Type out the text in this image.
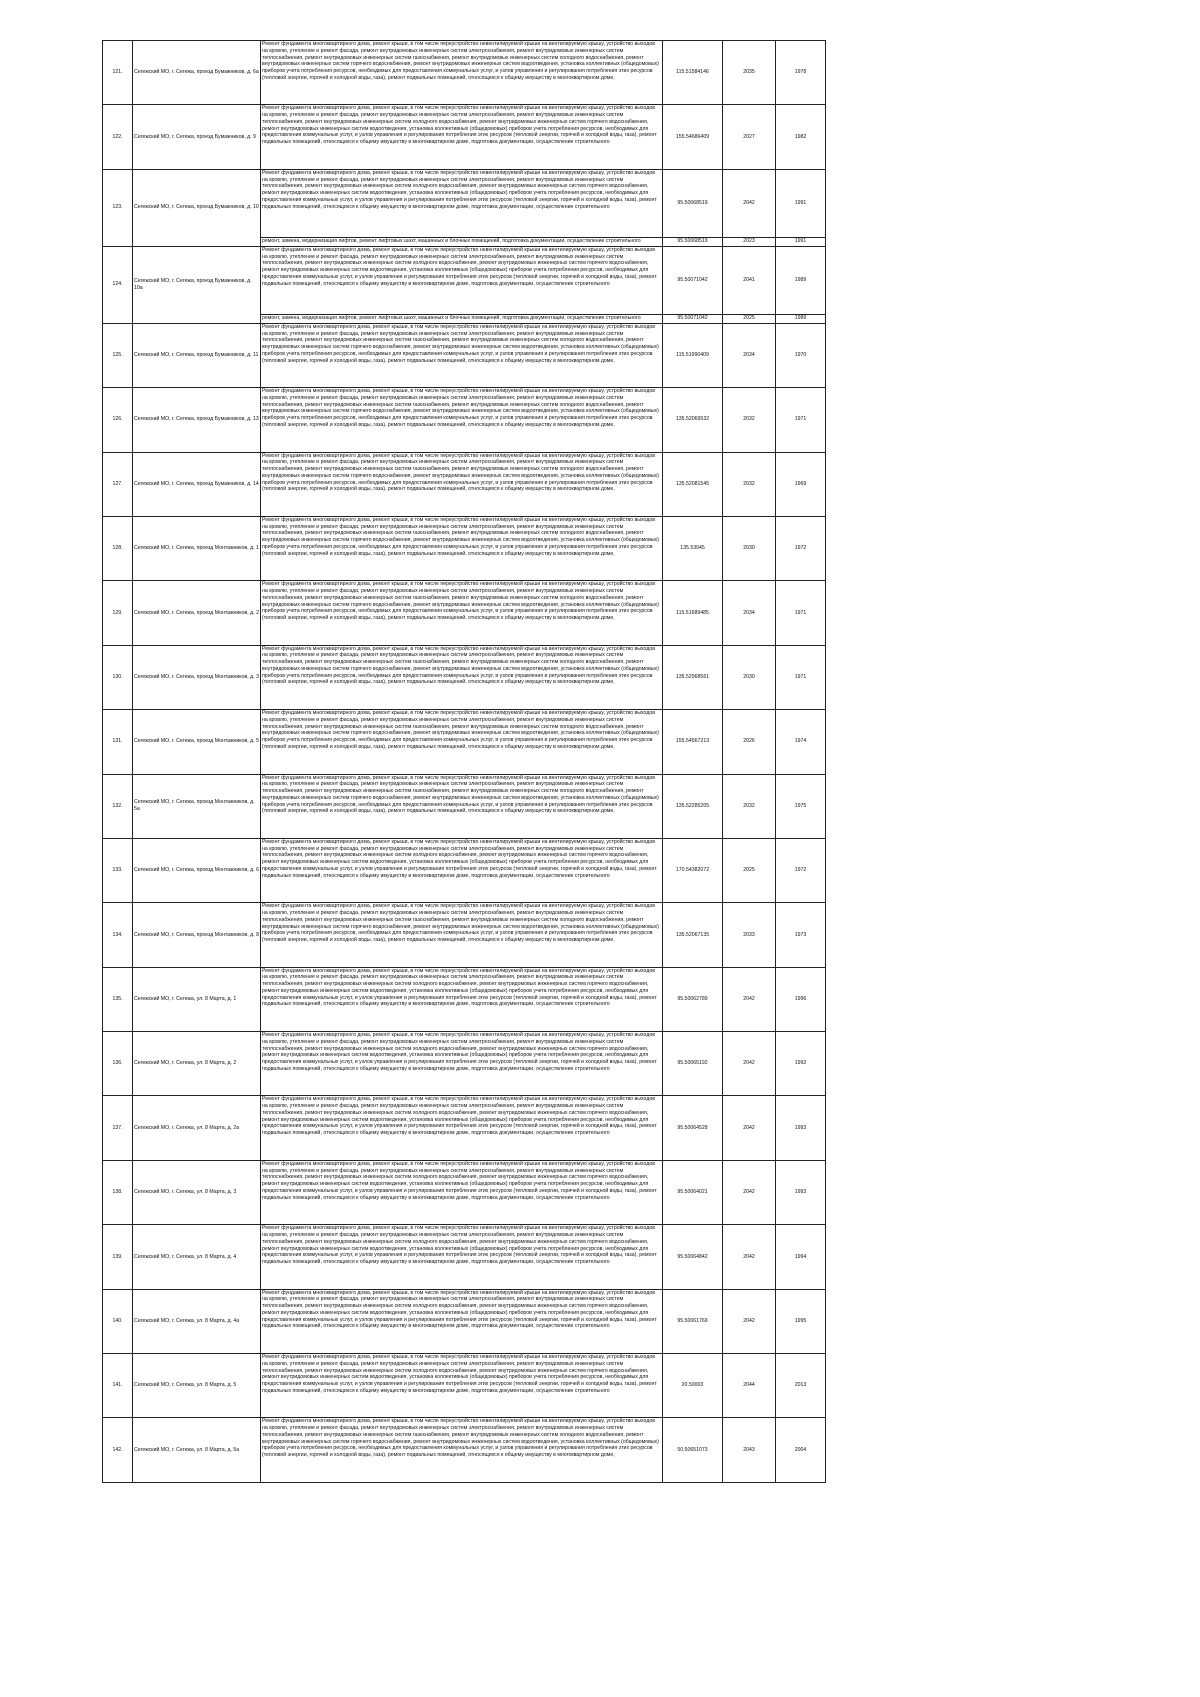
121.	Сегежский МО, г. Сегежа, проезд Бумажников, д. 6а	Ремонт фундамента многоквартирного дома, ремонт крыши, в том числе переустройство невентилируемой крыши на вентилируемую крышу, устройство выходов на кровлю, утепление и ремонт фасада, ремонт внутридомовых инженерных систем электроснабжения, ремонт внутридомовых инженерных систем теплоснабжения, ремонт внутридомовых инженерных систем газоснабжения, ремонт внутридомовых инженерных систем холодного водоснабжения, ремонт внутридомовых инженерных систем горячего водоснабжения, ремонт внутридомовых инженерных систем водоотведения, установка коллективных (общедомовых) приборов учета потребления ресурсов, необходимых для предоставления коммунальных услуг, и узлов управления и регулирования потребления этих ресурсов (тепловой энергии, горячей и холодной воды, газа), ремонт подвальных помещений, относящихся к общему имуществу в многоквартирном доме,	115.51584146	2035	1978
122.	Сегежский МО, г. Сегежа, проезд Бумажников, д. 9	Ремонт фундамента многоквартирного дома, ремонт крыши, в том числе переустройство невентилируемой крыши на вентилируемую крышу, устройство выходов на кровлю, утепление и ремонт фасада, ремонт внутридомовых инженерных систем электроснабжения, ремонт внутридомовых инженерных систем теплоснабжения, ремонт внутридомовых инженерных систем холодного водоснабжения, ремонт внутридомовых инженерных систем горячего водоснабжения, ремонт внутридомовых инженерных систем водоотведения, установка коллективных (общедомовых) приборов учета потребления ресурсов, необходимых для предоставления коммунальных услуг, и узлов управления и регулирования потребления этих ресурсов (тепловой энергии, горячей и холодной воды, газа), ремонт подвальных помещений, относящихся к общему имуществу в многоквартирном доме, подготовка документации, осуществление строительного	155.54686409	2027	1982
123.	Сегежский МО, г. Сегежа, проезд Бумажников, д. 10	Ремонт фундамента многоквартирного дома, ремонт крыши, в том числе переустройство невентилируемой крыши на вентилируемую крышу, устройство выходов на кровлю, утепление и ремонт фасада, ремонт внутридомовых инженерных систем электроснабжения, ремонт внутридомовых инженерных систем теплоснабжения, ремонт внутридомовых инженерных систем холодного водоснабжения, ремонт внутридомовых инженерных систем горячего водоснабжения, ремонт внутридомовых инженерных систем водоотведения, установка коллективных (общедомовых) приборов учета потребления ресурсов, необходимых для предоставления коммунальных услуг, и узлов управления и регулирования потребления этих ресурсов (тепловой энергии, горячей и холодной воды, газа), ремонт подвальных помещений, относящихся к общему имуществу в многоквартирном доме, подготовка документации, осуществление строительного	95.50068519	2042	1991

		ремонт, замена, модернизация лифтов, ремонт лифтовых шахт, машинных и блочных помещений, подготовка документации, осуществление строительного	95.50068519	2023	1991
124.	Сегежский МО, г. Сегежа, проезд Бумажников, д. 10а	Ремонт фундамента многоквартирного дома, ремонт крыши, в том числе переустройство невентилируемой крыши на вентилируемую крышу, устройство выходов на кровлю, утепление и ремонт фасада, ремонт внутридомовых инженерных систем электроснабжения, ремонт внутридомовых инженерных систем теплоснабжения, ремонт внутридомовых инженерных систем холодного водоснабжения, ремонт внутридомовых инженерных систем горячего водоснабжения, ремонт внутридомовых инженерных систем водоотведения, установка коллективных (общедомовых) приборов учета потребления ресурсов, необходимых для предоставления коммунальных услуг, и узлов управления и регулирования потребления этих ресурсов (тепловой энергии, горячей и холодной воды, газа), ремонт подвальных помещений, относящихся к общему имуществу в многоквартирном доме, подготовка документации, осуществление строительного	95.50071042	2041	1989

		ремонт, замена, модернизация лифтов, ремонт лифтовых шахт, машинных и блочных помещений, подготовка документации, осуществление строительного	95.50071042	2025	1989
125.	Сегежский МО, г. Сегежа, проезд Бумажников, д. 11	Ремонт фундамента многоквартирного дома, ремонт крыши, в том числе переустройство невентилируемой крыши на вентилируемую крышу, устройство выходов на кровлю, утепление и ремонт фасада, ремонт внутридомовых инженерных систем электроснабжения, ремонт внутридомовых инженерных систем теплоснабжения, ремонт внутридомовых инженерных систем газоснабжения, ремонт внутридомовых инженерных систем холодного водоснабжения, ремонт внутридомовых инженерных систем горячего водоснабжения, ремонт внутридомовых инженерных систем водоотведения, установка коллективных (общедомовых) приборов учета потребления ресурсов, необходимых для предоставления коммунальных услуг, и узлов управления и регулирования потребления этих ресурсов (тепловой энергии, горячей и холодной воды, газа), ремонт подвальных помещений, относящихся к общему имуществу в многоквартирном доме,	115.51990409	2034	1970
126.	Сегежский МО, г. Сегежа, проезд Бумажников, д. 13	Ремонт фундамента многоквартирного дома, ремонт крыши, в том числе переустройство невентилируемой крыши на вентилируемую крышу, устройство выходов на кровлю, утепление и ремонт фасада, ремонт внутридомовых инженерных систем электроснабжения, ремонт внутридомовых инженерных систем теплоснабжения, ремонт внутридомовых инженерных систем газоснабжения, ремонт внутридомовых инженерных систем холодного водоснабжения, ремонт внутридомовых инженерных систем горячего водоснабжения, ремонт внутридомовых инженерных систем водоотведения, установка коллективных (общедомовых) приборов учета потребления ресурсов, необходимых для предоставления коммунальных услуг, и узлов управления и регулирования потребления этих ресурсов (тепловой энергии, горячей и холодной воды, газа), ремонт подвальных помещений, относящихся к общему имуществу в многоквартирном доме,	135.52069532	2032	1971
127.	Сегежский МО, г. Сегежа, проезд Бумажников, д. 14	Ремонт фундамента многоквартирного дома, ремонт крыши, в том числе переустройство невентилируемой крыши на вентилируемую крышу, устройство выходов на кровлю, утепление и ремонт фасада, ремонт внутридомовых инженерных систем электроснабжения, ремонт внутридомовых инженерных систем теплоснабжения, ремонт внутридомовых инженерных систем газоснабжения, ремонт внутридомовых инженерных систем холодного водоснабжения, ремонт внутридомовых инженерных систем горячего водоснабжения, ремонт внутридомовых инженерных систем водоотведения, установка коллективных (общедомовых) приборов учета потребления ресурсов, необходимых для предоставления коммунальных услуг, и узлов управления и регулирования потребления этих ресурсов (тепловой энергии, горячей и холодной воды, газа), ремонт подвальных помещений, относящихся к общему имуществу в многоквартирном доме,	135.52081545	2032	1969
128.	Сегежский МО, г. Сегежа, проезд Монтажников, д. 1	Ремонт фундамента многоквартирного дома, ремонт крыши, в том числе переустройство невентилируемой крыши на вентилируемую крышу, устройство выходов на кровлю, утепление и ремонт фасада, ремонт внутридомовых инженерных систем электроснабжения, ремонт внутридомовых инженерных систем теплоснабжения, ремонт внутридомовых инженерных систем газоснабжения, ремонт внутридомовых инженерных систем холодного водоснабжения, ремонт внутридомовых инженерных систем горячего водоснабжения, ремонт внутридомовых инженерных систем водоотведения, установка коллективных (общедомовых) приборов учета потребления ресурсов, необходимых для предоставления коммунальных услуг, и узлов управления и регулирования потребления этих ресурсов (тепловой энергии, горячей и холодной воды, газа), ремонт подвальных помещений, относящихся к общему имуществу в многоквартирном доме,	135.53045	2030	1972
129.	Сегежский МО, г. Сегежа, проезд Монтажников, д. 2	Ремонт фундамента многоквартирного дома, ремонт крыши, в том числе переустройство невентилируемой крыши на вентилируемую крышу, устройство выходов на кровлю, утепление и ремонт фасада, ремонт внутридомовых инженерных систем электроснабжения, ремонт внутридомовых инженерных систем теплоснабжения, ремонт внутридомовых инженерных систем газоснабжения, ремонт внутридомовых инженерных систем холодного водоснабжения, ремонт внутридомовых инженерных систем горячего водоснабжения, ремонт внутридомовых инженерных систем водоотведения, установка коллективных (общедомовых) приборов учета потребления ресурсов, необходимых для предоставления коммунальных услуг, и узлов управления и регулирования потребления этих ресурсов (тепловой энергии, горячей и холодной воды, газа), ремонт подвальных помещений, относящихся к общему имуществу в многоквартирном доме,	115.51689485	2034	1971
130.	Сегежский МО, г. Сегежа, проезд Монтажников, д. 3	Ремонт фундамента многоквартирного дома, ремонт крыши, в том числе переустройство невентилируемой крыши на вентилируемую крышу, устройство выходов на кровлю, утепление и ремонт фасада, ремонт внутридомовых инженерных систем электроснабжения, ремонт внутридомовых инженерных систем теплоснабжения, ремонт внутридомовых инженерных систем газоснабжения, ремонт внутридомовых инженерных систем холодного водоснабжения, ремонт внутридомовых инженерных систем горячего водоснабжения, ремонт внутридомовых инженерных систем водоотведения, установка коллективных (общедомовых) приборов учета потребления ресурсов, необходимых для предоставления коммунальных услуг, и узлов управления и регулирования потребления этих ресурсов (тепловой энергии, горячей и холодной воды, газа), ремонт подвальных помещений, относящихся к общему имуществу в многоквартирном доме,	135.52968561	2030	1971
131.	Сегежский МО, г. Сегежа, проезд Монтажников, д. 5	Ремонт фундамента многоквартирного дома, ремонт крыши, в том числе переустройство невентилируемой крыши на вентилируемую крышу, устройство выходов на кровлю, утепление и ремонт фасада, ремонт внутридомовых инженерных систем электроснабжения, ремонт внутридомовых инженерных систем теплоснабжения, ремонт внутридомовых инженерных систем газоснабжения, ремонт внутридомовых инженерных систем холодного водоснабжения, ремонт внутридомовых инженерных систем горячего водоснабжения, ремонт внутридомовых инженерных систем водоотведения, установка коллективных (общедомовых) приборов учета потребления ресурсов, необходимых для предоставления коммунальных услуг, и узлов управления и регулирования потребления этих ресурсов (тепловой энергии, горячей и холодной воды, газа), ремонт подвальных помещений, относящихся к общему имуществу в многоквартирном доме,	155.54567213	2026	1974
132.	Сегежский МО, г. Сегежа, проезд Монтажников, д. 5а	Ремонт фундамента многоквартирного дома, ремонт крыши, в том числе переустройство невентилируемой крыши на вентилируемую крышу, устройство выходов на кровлю, утепление и ремонт фасада, ремонт внутридомовых инженерных систем электроснабжения, ремонт внутридомовых инженерных систем теплоснабжения, ремонт внутридомовых инженерных систем газоснабжения, ремонт внутридомовых инженерных систем холодного водоснабжения, ремонт внутридомовых инженерных систем горячего водоснабжения, ремонт внутридомовых инженерных систем водоотведения, установка коллективных (общедомовых) приборов учета потребления ресурсов, необходимых для предоставления коммунальных услуг, и узлов управления и регулирования потребления этих ресурсов (тепловой энергии, горячей и холодной воды, газа), ремонт подвальных помещений, относящихся к общему имуществу в многоквартирном доме,	135.52285205	2032	1975
133.	Сегежский МО, г. Сегежа, проезд Монтажников, д. 6	Ремонт фундамента многоквартирного дома, ремонт крыши, в том числе переустройство невентилируемой крыши на вентилируемую крышу, устройство выходов на кровлю, утепление и ремонт фасада, ремонт внутридомовых инженерных систем электроснабжения, ремонт внутридомовых инженерных систем теплоснабжения, ремонт внутридомовых инженерных систем холодного водоснабжения, ремонт внутридомовых инженерных систем горячего водоснабжения, ремонт внутридомовых инженерных систем водоотведения, установка коллективных (общедомовых) приборов учета потребления ресурсов, необходимых для предоставления коммунальных услуг, и узлов управления и регулирования потребления этих ресурсов (тепловой энергии, горячей и холодной воды, газа), ремонт подвальных помещений, относящихся к общему имуществу в многоквартирном доме, подготовка документации, осуществление строительного	170.54382072	2025	1972
134.	Сегежский МО, г. Сегежа, проезд Монтажников, д. 8	Ремонт фундамента многоквартирного дома, ремонт крыши, в том числе переустройство невентилируемой крыши на вентилируемую крышу, устройство выходов на кровлю, утепление и ремонт фасада, ремонт внутридомовых инженерных систем электроснабжения, ремонт внутридомовых инженерных систем теплоснабжения, ремонт внутридомовых инженерных систем газоснабжения, ремонт внутридомовых инженерных систем холодного водоснабжения, ремонт внутридомовых инженерных систем горячего водоснабжения, ремонт внутридомовых инженерных систем водоотведения, установка коллективных (общедомовых) приборов учета потребления ресурсов, необходимых для предоставления коммунальных услуг, и узлов управления и регулирования потребления этих ресурсов (тепловой энергии, горячей и холодной воды, газа), ремонт подвальных помещений, относящихся к общему имуществу в многоквартирном доме,	135.52067135	2033	1973
135.	Сегежский МО, г. Сегежа, ул. 8 Марта, д. 1	Ремонт фундамента многоквартирного дома, ремонт крыши, в том числе переустройство невентилируемой крыши на вентилируемую крышу, устройство выходов на кровлю, утепление и ремонт фасада, ремонт внутридомовых инженерных систем электроснабжения, ремонт внутридомовых инженерных систем теплоснабжения, ремонт внутридомовых инженерных систем холодного водоснабжения, ремонт внутридомовых инженерных систем горячего водоснабжения, ремонт внутридомовых инженерных систем водоотведения, установка коллективных (общедомовых) приборов учета потребления ресурсов, необходимых для предоставления коммунальных услуг, и узлов управления и регулирования потребления этих ресурсов (тепловой энергии, горячей и холодной воды, газа), ремонт подвальных помещений, относящихся к общему имуществу в многоквартирном доме, подготовка документации, осуществление строительного	95.50062789	2042	1996
136.	Сегежский МО, г. Сегежа, ул. 8 Марта, д. 2	Ремонт фундамента многоквартирного дома, ремонт крыши, в том числе переустройство невентилируемой крыши на вентилируемую крышу, устройство выходов на кровлю, утепление и ремонт фасада, ремонт внутридомовых инженерных систем электроснабжения, ремонт внутридомовых инженерных систем теплоснабжения, ремонт внутридомовых инженерных систем холодного водоснабжения, ремонт внутридомовых инженерных систем горячего водоснабжения, ремонт внутридомовых инженерных систем водоотведения, установка коллективных (общедомовых) приборов учета потребления ресурсов, необходимых для предоставления коммунальных услуг, и узлов управления и регулирования потребления этих ресурсов (тепловой энергии, горячей и холодной воды, газа), ремонт подвальных помещений, относящихся к общему имуществу в многоквартирном доме, подготовка документации, осуществление строительного	95.50065192	2042	1992
137.	Сегежский МО, г. Сегежа, ул. 8 Марта, д. 2а	Ремонт фундамента многоквартирного дома, ремонт крыши, в том числе переустройство невентилируемой крыши на вентилируемую крышу, устройство выходов на кровлю, утепление и ремонт фасада, ремонт внутридомовых инженерных систем электроснабжения, ремонт внутридомовых инженерных систем теплоснабжения, ремонт внутридомовых инженерных систем холодного водоснабжения, ремонт внутридомовых инженерных систем горячего водоснабжения, ремонт внутридомовых инженерных систем водоотведения, установка коллективных (общедомовых) приборов учета потребления ресурсов, необходимых для предоставления коммунальных услуг, и узлов управления и регулирования потребления этих ресурсов (тепловой энергии, горячей и холодной воды, газа), ремонт подвальных помещений, относящихся к общему имуществу в многоквартирном доме, подготовка документации, осуществление строительного	95.50064528	2042	1993
138.	Сегежский МО, г. Сегежа, ул. 8 Марта, д. 3	Ремонт фундамента многоквартирного дома, ремонт крыши, в том числе переустройство невентилируемой крыши на вентилируемую крышу, устройство выходов на кровлю, утепление и ремонт фасада, ремонт внутридомовых инженерных систем электроснабжения, ремонт внутридомовых инженерных систем теплоснабжения, ремонт внутридомовых инженерных систем холодного водоснабжения, ремонт внутридомовых инженерных систем горячего водоснабжения, ремонт внутридомовых инженерных систем водоотведения, установка коллективных (общедомовых) приборов учета потребления ресурсов, необходимых для предоставления коммунальных услуг, и узлов управления и регулирования потребления этих ресурсов (тепловой энергии, горячей и холодной воды, газа), ремонт подвальных помещений, относящихся к общему имуществу в многоквартирном доме, подготовка документации, осуществление строительного	95.50064021	2042	1993
139.	Сегежский МО, г. Сегежа, ул. 8 Марта, д. 4	Ремонт фундамента многоквартирного дома, ремонт крыши, в том числе переустройство невентилируемой крыши на вентилируемую крышу, устройство выходов на кровлю, утепление и ремонт фасада, ремонт внутридомовых инженерных систем электроснабжения, ремонт внутридомовых инженерных систем теплоснабжения, ремонт внутридомовых инженерных систем холодного водоснабжения, ремонт внутридомовых инженерных систем горячего водоснабжения, ремонт внутридомовых инженерных систем водоотведения, установка коллективных (общедомовых) приборов учета потребления ресурсов, необходимых для предоставления коммунальных услуг, и узлов управления и регулирования потребления этих ресурсов (тепловой энергии, горячей и холодной воды, газа), ремонт подвальных помещений, относящихся к общему имуществу в многоквартирном доме, подготовка документации, осуществление строительного	95.50064842	2042	1994
140.	Сегежский МО, г. Сегежа, ул. 8 Марта, д. 4а	Ремонт фундамента многоквартирного дома, ремонт крыши, в том числе переустройство невентилируемой крыши на вентилируемую крышу, устройство выходов на кровлю, утепление и ремонт фасада, ремонт внутридомовых инженерных систем электроснабжения, ремонт внутридомовых инженерных систем теплоснабжения, ремонт внутридомовых инженерных систем холодного водоснабжения, ремонт внутридомовых инженерных систем горячего водоснабжения, ремонт внутридомовых инженерных систем водоотведения, установка коллективных (общедомовых) приборов учета потребления ресурсов, необходимых для предоставления коммунальных услуг, и узлов управления и регулирования потребления этих ресурсов (тепловой энергии, горячей и холодной воды, газа), ремонт подвальных помещений, относящихся к общему имуществу в многоквартирном доме, подготовка документации, осуществление строительного	95.50061769	2042	1995
141.	Сегежский МО, г. Сегежа, ул. 8 Марта, д. 5	Ремонт фундамента многоквартирного дома, ремонт крыши, в том числе переустройство невентилируемой крыши на вентилируемую крышу, устройство выходов на кровлю, утепление и ремонт фасада, ремонт внутридомовых инженерных систем электроснабжения, ремонт внутридомовых инженерных систем теплоснабжения, ремонт внутридомовых инженерных систем холодного водоснабжения, ремонт внутридомовых инженерных систем горячего водоснабжения, ремонт внутридомовых инженерных систем водоотведения, установка коллективных (общедомовых) приборов учета потребления ресурсов, необходимых для предоставления коммунальных услуг, и узлов управления и регулирования потребления этих ресурсов (тепловой энергии, горячей и холодной воды, газа), ремонт подвальных помещений, относящихся к общему имуществу в многоквартирном доме, подготовка документации, осуществление строительного	20.50003	2044	2013
142.	Сегежский МО, г. Сегежа, ул. 8 Марта, д. 5а	Ремонт фундамента многоквартирного дома, ремонт крыши, в том числе переустройство невентилируемой крыши на вентилируемую крышу, устройство выходов на кровлю, утепление и ремонт фасада, ремонт внутридомовых инженерных систем электроснабжения, ремонт внутридомовых инженерных систем теплоснабжения, ремонт внутридомовых инженерных систем газоснабжения, ремонт внутридомовых инженерных систем холодного водоснабжения, ремонт внутридомовых инженерных систем горячего водоснабжения, ремонт внутридомовых инженерных систем водоотведения, установка коллективных (общедомовых) приборов учета потребления ресурсов, необходимых для предоставления коммунальных услуг, и узлов управления и регулирования потребления этих ресурсов (тепловой энергии, горячей и холодной воды, газа), ремонт подвальных помещений, относящихся к общему имуществу в многоквартирном доме,	50.50651073	2043	2004
